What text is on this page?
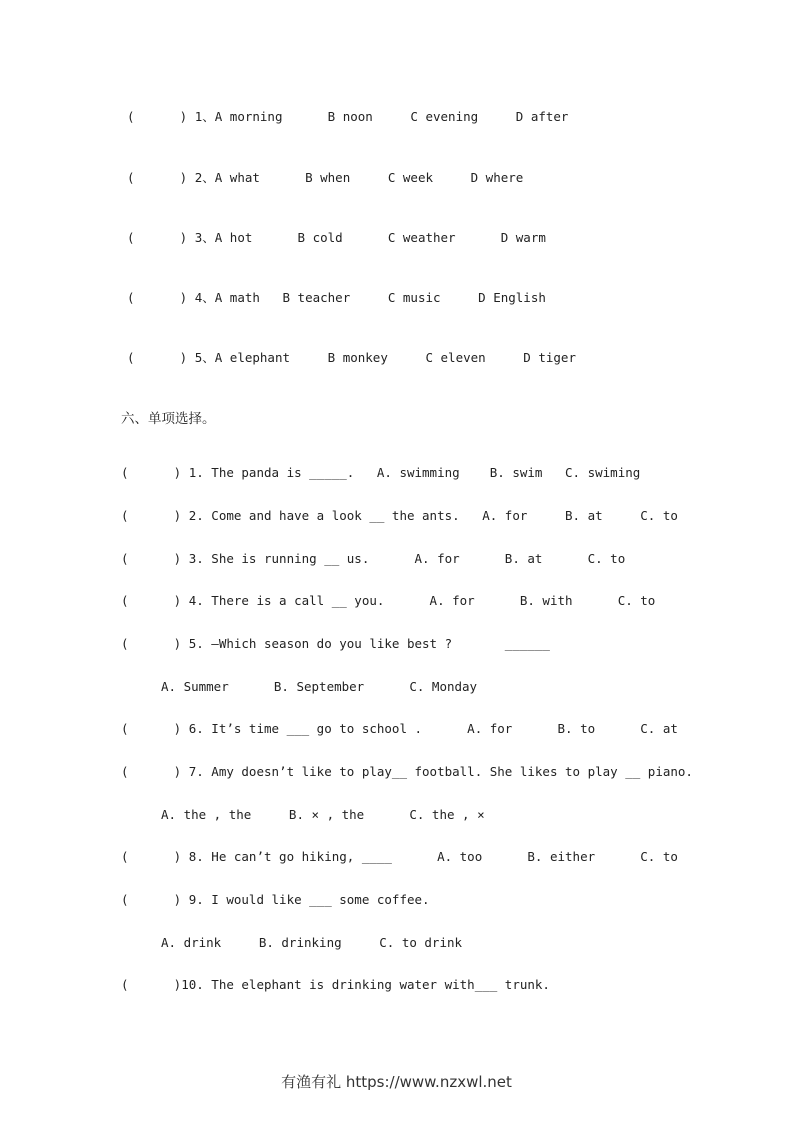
(      ) 1、A morning      B noon     C evening     D after
(      ) 2、A what      B when     C week     D where
(      ) 3、A hot      B cold      C weather      D warm
(      ) 4、A math   B teacher     C music     D English
(      ) 5、A elephant     B monkey     C eleven     D tiger
六、单项选择。
(      ) 1. The panda is _____.   A. swimming    B. swim   C. swiming
(      ) 2. Come and have a look __ the ants.   A. for     B. at     C. to
(      ) 3. She is running __ us.      A. for      B. at      C. to
(      ) 4. There is a call __ you.      A. for      B. with      C. to
(      ) 5. —Which season do you like best ?       ______
A. Summer      B. September      C. Monday
(      ) 6. It’s time ___ go to school .      A. for      B. to      C. at
(      ) 7. Amy doesn’t like to play__ football. She likes to play __ piano.
A. the , the     B. × , the      C. the , ×
(      ) 8. He can’t go hiking, ____      A. too      B. either      C. to
(      ) 9. I would like ___ some coffee.
A. drink     B. drinking     C. to drink
(      )10. The elephant is drinking water with___ trunk.
有渔有礼 https://www.nzxwl.net
